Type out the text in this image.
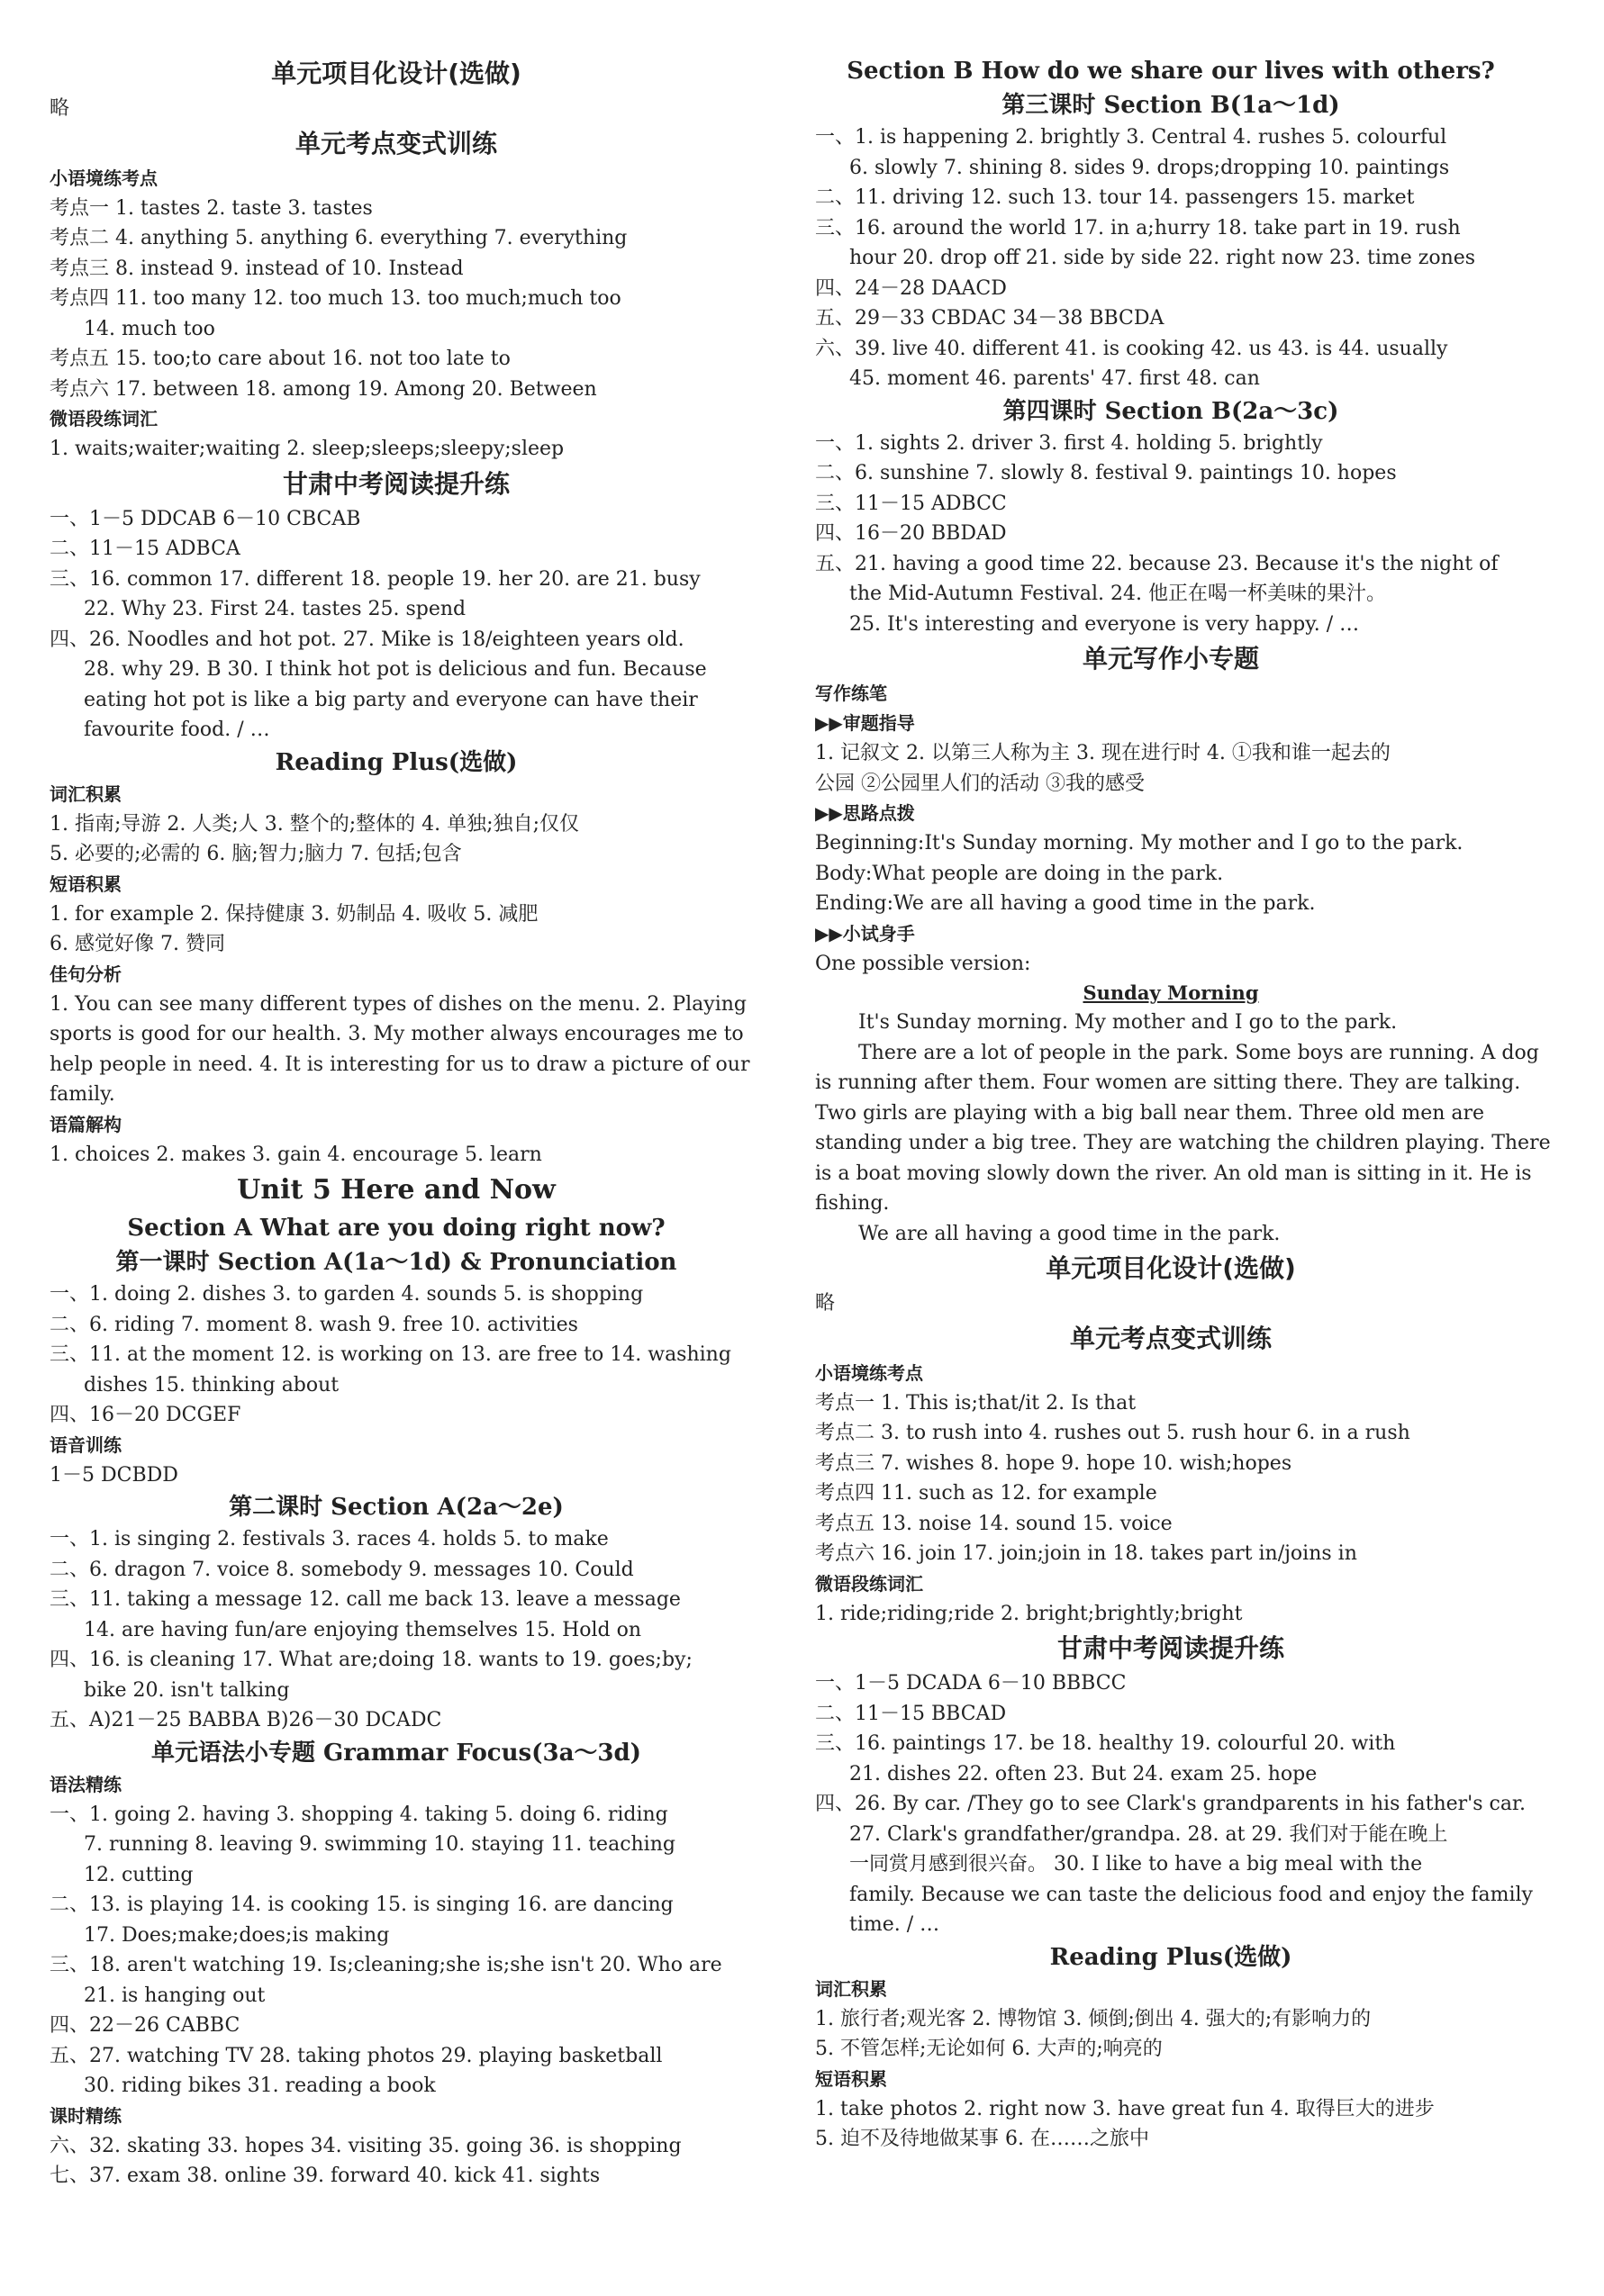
单元项目化设计(选做)
略
单元考点变式训练
小语境练考点
考点一 1. tastes 2. taste 3. tastes
考点二 4. anything 5. anything 6. everything 7. everything
考点三 8. instead 9. instead of 10. Instead
考点四 11. too many 12. too much 13. too much;much too
14. much too
考点五 15. too;to care about 16. not too late to
考点六 17. between 18. among 19. Among 20. Between
微语段练词汇
1. waits;waiter;waiting 2. sleep;sleeps;sleepy;sleep
甘肃中考阅读提升练
一、1－5 DDCAB 6－10 CBCAB
二、11－15 ADBCA
三、16. common 17. different 18. people 19. her 20. are 21. busy
22. Why 23. First 24. tastes 25. spend
四、26. Noodles and hot pot. 27. Mike is 18/eighteen years old.
28. why 29. B 30. I think hot pot is delicious and fun. Because
eating hot pot is like a big party and everyone can have their
favourite food. / …
Reading Plus(选做)
词汇积累
1. 指南;导游 2. 人类;人 3. 整个的;整体的 4. 单独;独自;仅仅
5. 必要的;必需的 6. 脑;智力;脑力 7. 包括;包含
短语积累
1. for example 2. 保持健康 3. 奶制品 4. 吸收 5. 减肥
6. 感觉好像 7. 赞同
佳句分析
1. You can see many different types of dishes on the menu. 2. Playing
sports is good for our health. 3. My mother always encourages me to
help people in need. 4. It is interesting for us to draw a picture of our
family.
语篇解构
1. choices 2. makes 3. gain 4. encourage 5. learn
Unit 5 Here and Now
Section A What are you doing right now?
第一课时 Section A(1a～1d) & Pronunciation
一、1. doing 2. dishes 3. to garden 4. sounds 5. is shopping
二、6. riding 7. moment 8. wash 9. free 10. activities
三、11. at the moment 12. is working on 13. are free to 14. washing
dishes 15. thinking about
四、16－20 DCGEF
语音训练
1－5 DCBDD
第二课时 Section A(2a～2e)
一、1. is singing 2. festivals 3. races 4. holds 5. to make
二、6. dragon 7. voice 8. somebody 9. messages 10. Could
三、11. taking a message 12. call me back 13. leave a message
14. are having fun/are enjoying themselves 15. Hold on
四、16. is cleaning 17. What are;doing 18. wants to 19. goes;by;
bike 20. isn't talking
五、A)21－25 BABBA B)26－30 DCADC
单元语法小专题 Grammar Focus(3a～3d)
语法精练
一、1. going 2. having 3. shopping 4. taking 5. doing 6. riding
7. running 8. leaving 9. swimming 10. staying 11. teaching
12. cutting
二、13. is playing 14. is cooking 15. is singing 16. are dancing
17. Does;make;does;is making
三、18. aren't watching 19. Is;cleaning;she is;she isn't 20. Who are
21. is hanging out
四、22－26 CABBC
五、27. watching TV 28. taking photos 29. playing basketball
30. riding bikes 31. reading a book
课时精练
六、32. skating 33. hopes 34. visiting 35. going 36. is shopping
七、37. exam 38. online 39. forward 40. kick 41. sights
Section B How do we share our lives with others?
第三课时 Section B(1a～1d)
一、1. is happening 2. brightly 3. Central 4. rushes 5. colourful
6. slowly 7. shining 8. sides 9. drops;dropping 10. paintings
二、11. driving 12. such 13. tour 14. passengers 15. market
三、16. around the world 17. in a;hurry 18. take part in 19. rush
hour 20. drop off 21. side by side 22. right now 23. time zones
四、24－28 DAACD
五、29－33 CBDAC 34－38 BBCDA
六、39. live 40. different 41. is cooking 42. us 43. is 44. usually
45. moment 46. parents' 47. first 48. can
第四课时 Section B(2a～3c)
一、1. sights 2. driver 3. first 4. holding 5. brightly
二、6. sunshine 7. slowly 8. festival 9. paintings 10. hopes
三、11－15 ADBCC
四、16－20 BBDAD
五、21. having a good time 22. because 23. Because it's the night of
the Mid-Autumn Festival. 24. 他正在喝一杯美味的果汁。
25. It's interesting and everyone is very happy. / …
单元写作小专题
写作练笔
▶▶审题指导
1. 记叙文 2. 以第三人称为主 3. 现在进行时 4. ①我和谁一起去的
公园 ②公园里人们的活动 ③我的感受
▶▶思路点拨
Beginning:It's Sunday morning. My mother and I go to the park.
Body:What people are doing in the park.
Ending:We are all having a good time in the park.
▶▶小试身手
One possible version:
Sunday Morning
It's Sunday morning. My mother and I go to the park.
There are a lot of people in the park. Some boys are running. A dog
is running after them. Four women are sitting there. They are talking.
Two girls are playing with a big ball near them. Three old men are
standing under a big tree. They are watching the children playing. There
is a boat moving slowly down the river. An old man is sitting in it. He is
fishing.
We are all having a good time in the park.
单元项目化设计(选做)
略
单元考点变式训练
小语境练考点
考点一 1. This is;that/it 2. Is that
考点二 3. to rush into 4. rushes out 5. rush hour 6. in a rush
考点三 7. wishes 8. hope 9. hope 10. wish;hopes
考点四 11. such as 12. for example
考点五 13. noise 14. sound 15. voice
考点六 16. join 17. join;join in 18. takes part in/joins in
微语段练词汇
1. ride;riding;ride 2. bright;brightly;bright
甘肃中考阅读提升练
一、1－5 DCADA 6－10 BBBCC
二、11－15 BBCAD
三、16. paintings 17. be 18. healthy 19. colourful 20. with
21. dishes 22. often 23. But 24. exam 25. hope
四、26. By car. /They go to see Clark's grandparents in his father's car.
27. Clark's grandfather/grandpa. 28. at 29. 我们对于能在晚上
一同赏月感到很兴奋。 30. I like to have a big meal with the
family. Because we can taste the delicious food and enjoy the family
time. / …
Reading Plus(选做)
词汇积累
1. 旅行者;观光客 2. 博物馆 3. 倾倒;倒出 4. 强大的;有影响力的
5. 不管怎样;无论如何 6. 大声的;响亮的
短语积累
1. take photos 2. right now 3. have great fun 4. 取得巨大的进步
5. 迫不及待地做某事 6. 在……之旅中
